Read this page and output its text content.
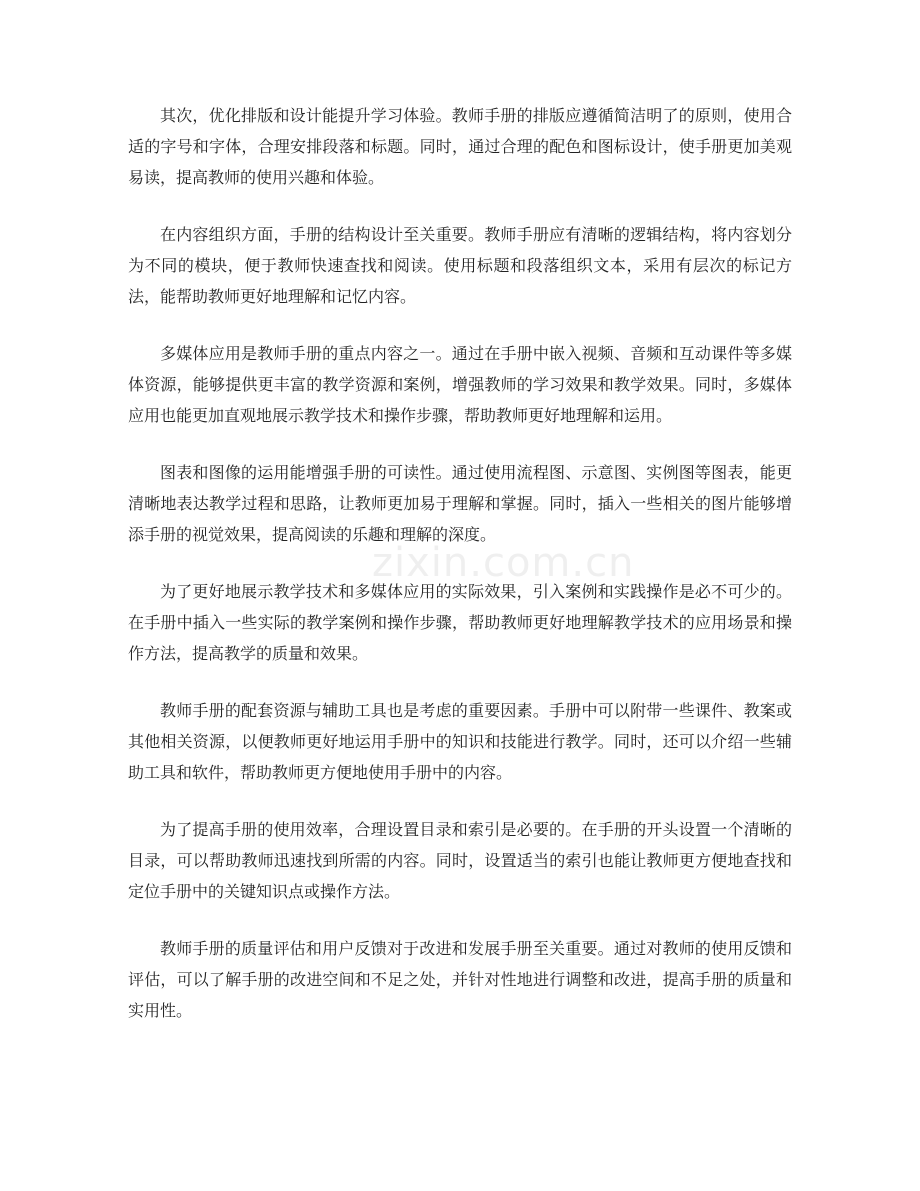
其次，优化排版和设计能提升学习体验。教师手册的排版应遵循简洁明了的原则，使用合适的字号和字体，合理安排段落和标题。同时，通过合理的配色和图标设计，使手册更加美观易读，提高教师的使用兴趣和体验。

在内容组织方面，手册的结构设计至关重要。教师手册应有清晰的逻辑结构，将内容划分为不同的模块，便于教师快速查找和阅读。使用标题和段落组织文本，采用有层次的标记方法，能帮助教师更好地理解和记忆内容。

多媒体应用是教师手册的重点内容之一。通过在手册中嵌入视频、音频和互动课件等多媒体资源，能够提供更丰富的教学资源和案例，增强教师的学习效果和教学效果。同时，多媒体应用也能更加直观地展示教学技术和操作步骤，帮助教师更好地理解和运用。

图表和图像的运用能增强手册的可读性。通过使用流程图、示意图、实例图等图表，能更清晰地表达教学过程和思路，让教师更加易于理解和掌握。同时，插入一些相关的图片能够增添手册的视觉效果，提高阅读的乐趣和理解的深度。

为了更好地展示教学技术和多媒体应用的实际效果，引入案例和实践操作是必不可少的。在手册中插入一些实际的教学案例和操作步骤，帮助教师更好地理解教学技术的应用场景和操作方法，提高教学的质量和效果。

教师手册的配套资源与辅助工具也是考虑的重要因素。手册中可以附带一些课件、教案或其他相关资源，以便教师更好地运用手册中的知识和技能进行教学。同时，还可以介绍一些辅助工具和软件，帮助教师更方便地使用手册中的内容。

为了提高手册的使用效率，合理设置目录和索引是必要的。在手册的开头设置一个清晰的目录，可以帮助教师迅速找到所需的内容。同时，设置适当的索引也能让教师更方便地查找和定位手册中的关键知识点或操作方法。

教师手册的质量评估和用户反馈对于改进和发展手册至关重要。通过对教师的使用反馈和评估，可以了解手册的改进空间和不足之处，并针对性地进行调整和改进，提高手册的质量和实用性。

zixin.com.cn
